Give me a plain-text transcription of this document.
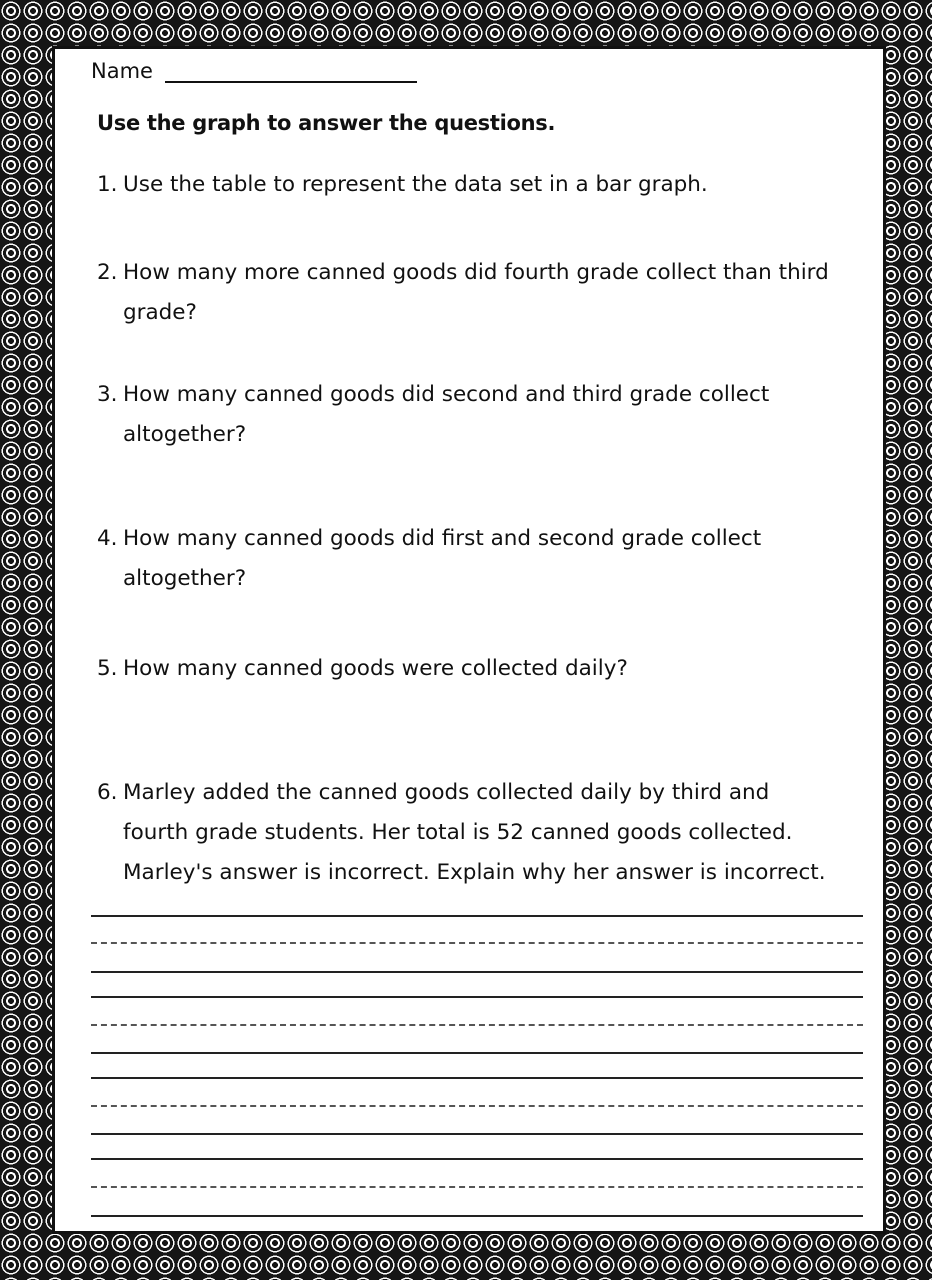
Name
Use the graph to answer the questions.
1. Use the table to represent the data set in a bar graph.
2. How many more canned goods did fourth grade collect than third
grade?
3. How many canned goods did second and third grade collect
altogether?
4. How many canned goods did first and second grade collect
altogether?
5. How many canned goods were collected daily?
6. Marley added the canned goods collected daily by third and
fourth grade students. Her total is 52 canned goods collected.
Marley's answer is incorrect. Explain why her answer is incorrect.
